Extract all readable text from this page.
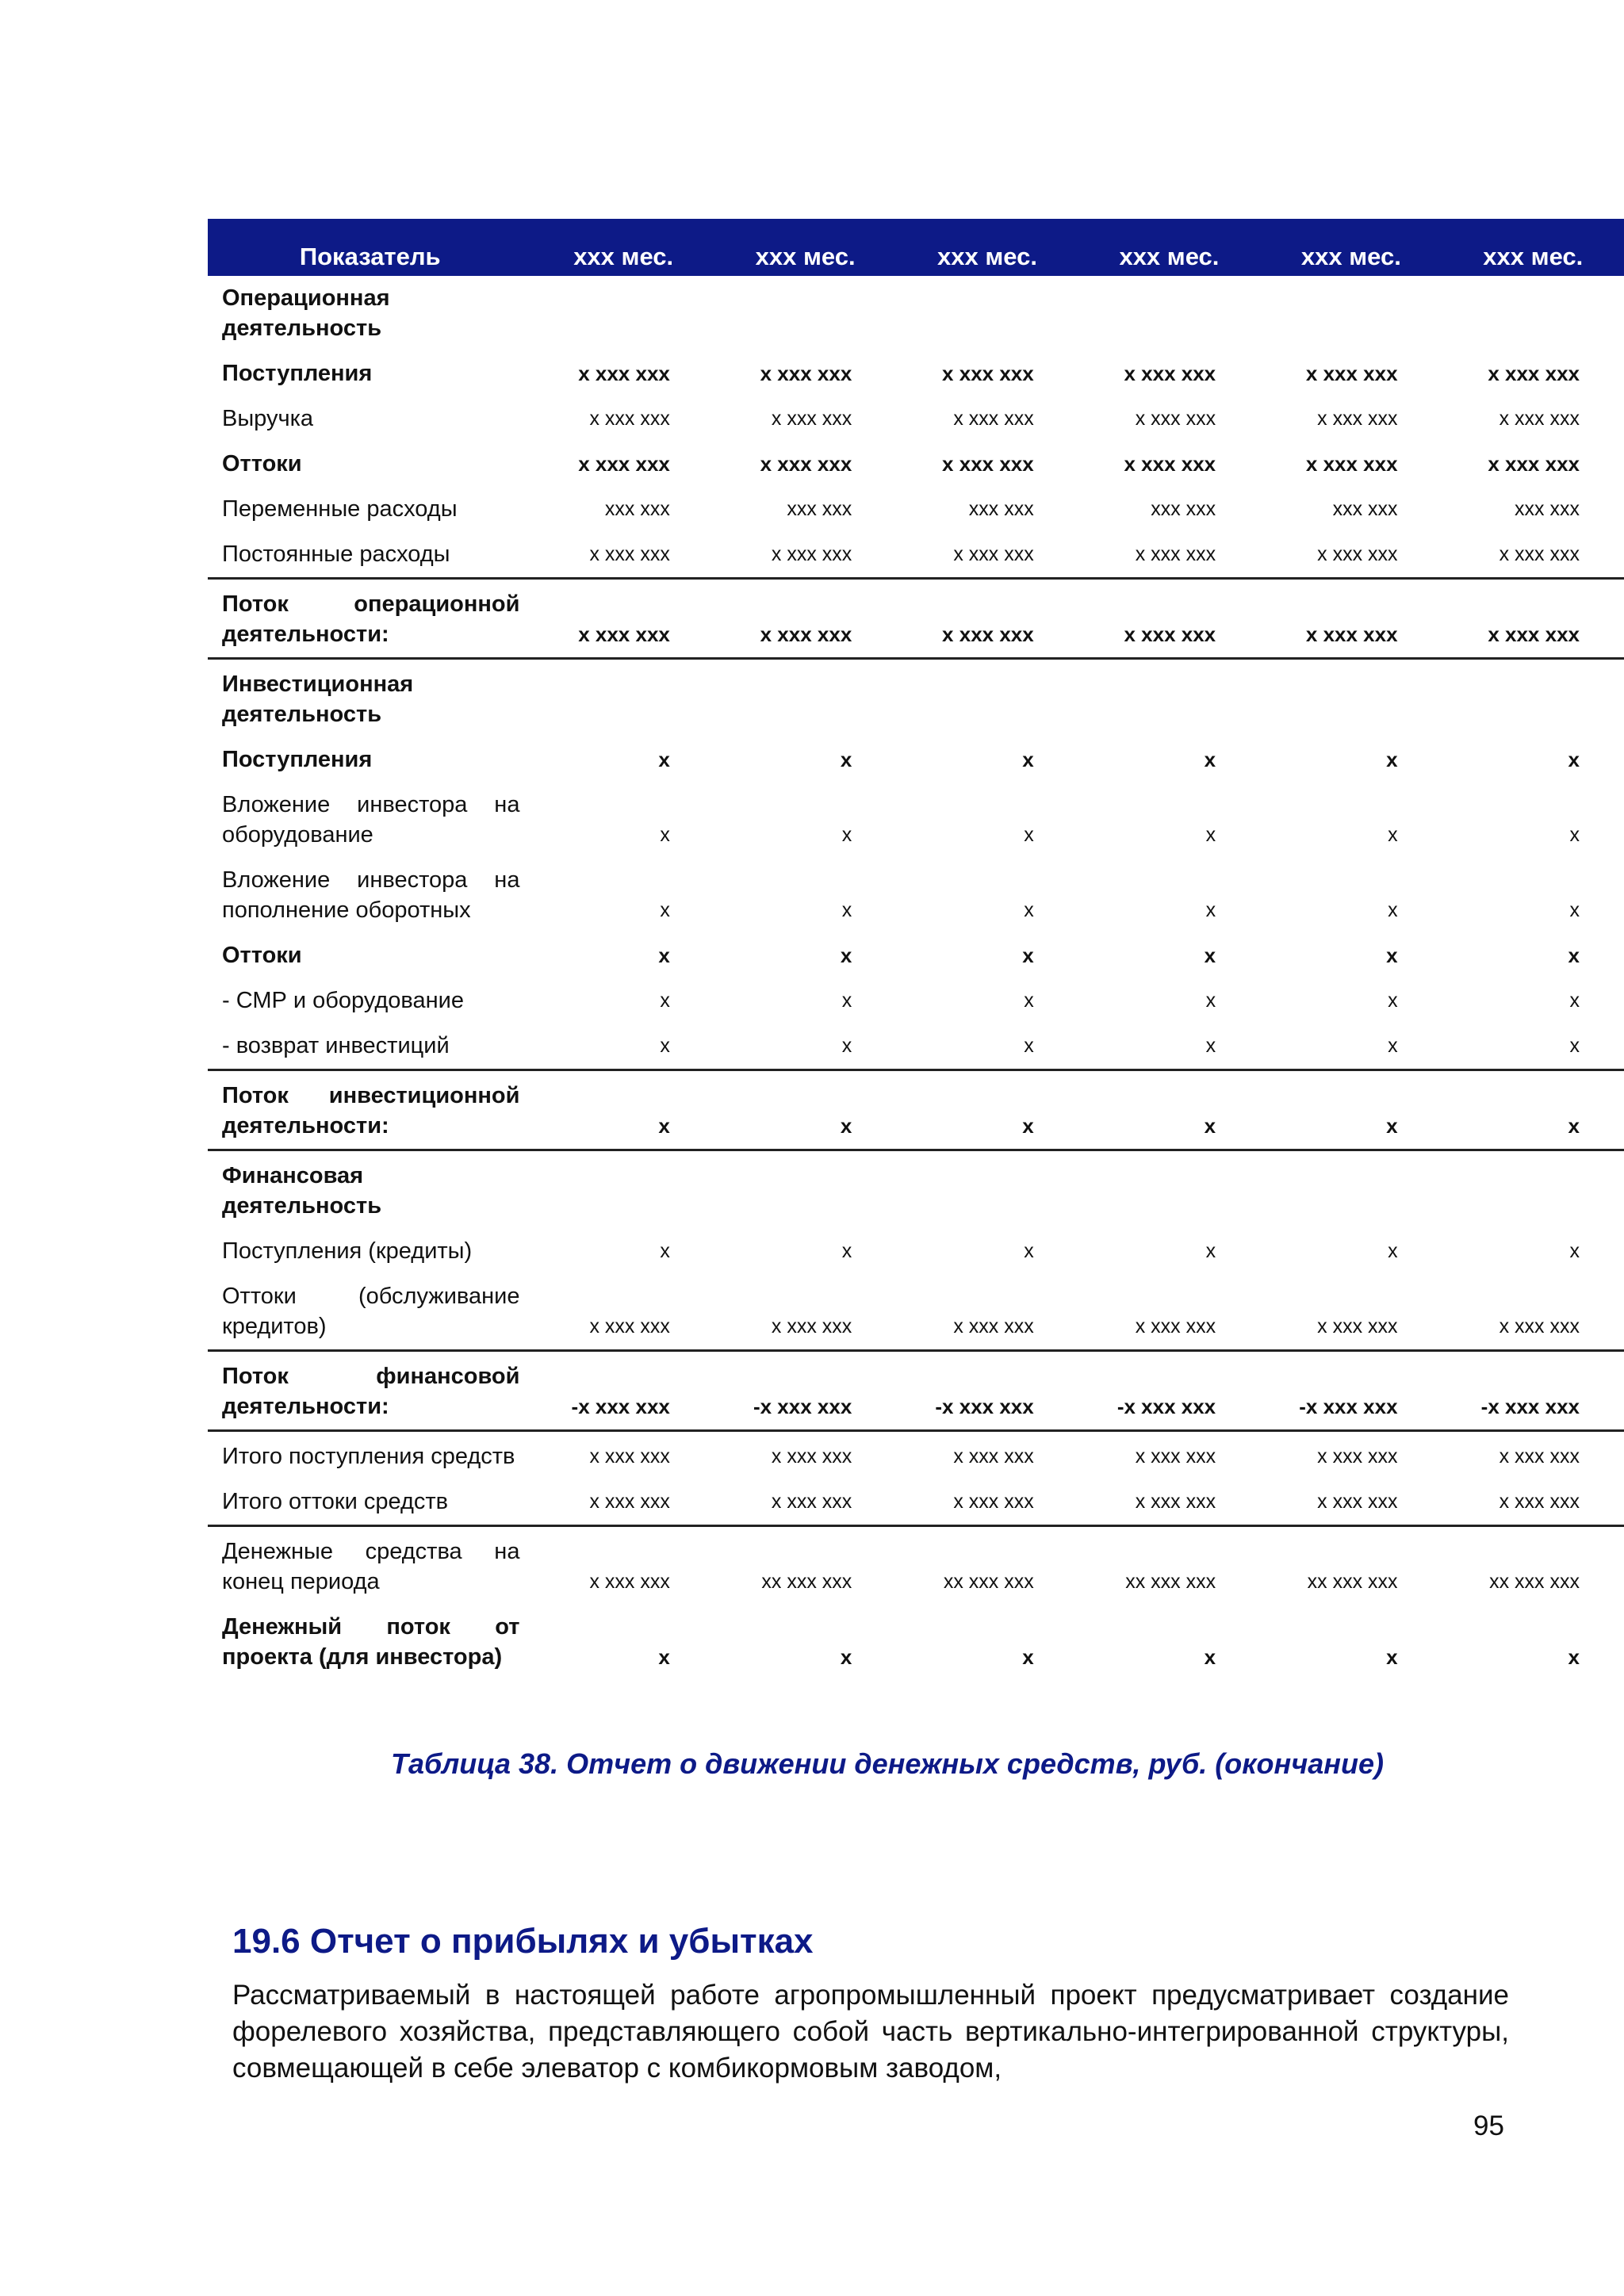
Показатель	xxx мес.	xxx мес.	xxx мес.	xxx мес.	xxx мес.	xxx мес.
Операционная деятельность						
Поступления	x xxx xxx	x xxx xxx	x xxx xxx	x xxx xxx	x xxx xxx	x xxx xxx
Выручка	x xxx xxx	x xxx xxx	x xxx xxx	x xxx xxx	x xxx xxx	x xxx xxx
Оттоки	x xxx xxx	x xxx xxx	x xxx xxx	x xxx xxx	x xxx xxx	x xxx xxx
Переменные расходы	xxx xxx	xxx xxx	xxx xxx	xxx xxx	xxx xxx	xxx xxx
Постоянные расходы	x xxx xxx	x xxx xxx	x xxx xxx	x xxx xxx	x xxx xxx	x xxx xxx
Поток операционной деятельности:	x xxx xxx	x xxx xxx	x xxx xxx	x xxx xxx	x xxx xxx	x xxx xxx
Инвестиционная деятельность						
Поступления	x	x	x	x	x	x
Вложение инвестора на оборудование	x	x	x	x	x	x
Вложение инвестора на пополнение оборотных	x	x	x	x	x	x
Оттоки	x	x	x	x	x	x
- СМР и оборудование	x	x	x	x	x	x
- возврат инвестиций	x	x	x	x	x	x
Поток инвестиционной деятельности:	x	x	x	x	x	x
Финансовая деятельность						
Поступления (кредиты)	x	x	x	x	x	x
Оттоки (обслуживание кредитов)	x xxx xxx	x xxx xxx	x xxx xxx	x xxx xxx	x xxx xxx	x xxx xxx
Поток финансовой деятельности:	-x xxx xxx	-x xxx xxx	-x xxx xxx	-x xxx xxx	-x xxx xxx	-x xxx xxx
Итого поступления средств	x xxx xxx	x xxx xxx	x xxx xxx	x xxx xxx	x xxx xxx	x xxx xxx
Итого оттоки средств	x xxx xxx	x xxx xxx	x xxx xxx	x xxx xxx	x xxx xxx	x xxx xxx
Денежные средства на конец периода	x xxx xxx	xx xxx xxx	xx xxx xxx	xx xxx xxx	xx xxx xxx	xx xxx xxx
Денежный поток от проекта (для инвестора)	x	x	x	x	x	x
Таблица 38. Отчет о движении денежных средств, руб. (окончание)
19.6 Отчет о прибылях и убытках
Рассматриваемый в настоящей работе агропромышленный проект предусматривает создание форелевого хозяйства, представляющего собой часть вертикально-интегрированной структуры, совмещающей в себе элеватор с комбикормовым заводом,
95
